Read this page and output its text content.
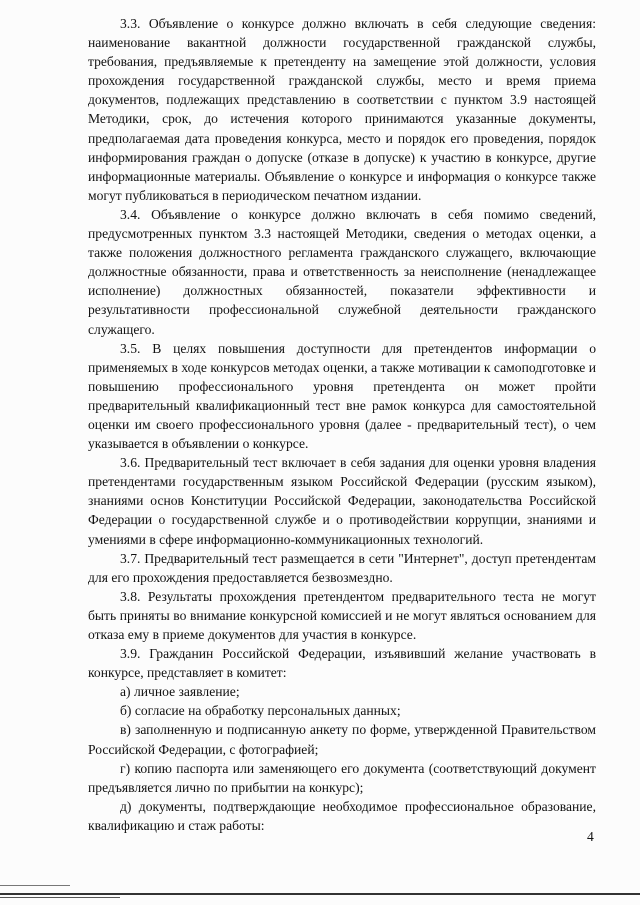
3.3. Объявление о конкурсе должно включать в себя следующие сведения: наименование вакантной должности государственной гражданской службы, требования, предъявляемые к претенденту на замещение этой должности, условия прохождения государственной гражданской службы, место и время приема документов, подлежащих представлению в соответствии с пунктом 3.9 настоящей Методики, срок, до истечения которого принимаются указанные документы, предполагаемая дата проведения конкурса, место и порядок его проведения, порядок информирования граждан о допуске (отказе в допуске) к участию в конкурсе, другие информационные материалы. Объявление о конкурсе и информация о конкурсе также могут публиковаться в периодическом печатном издании.

3.4. Объявление о конкурсе должно включать в себя помимо сведений, предусмотренных пунктом 3.3 настоящей Методики, сведения о методах оценки, а также положения должностного регламента гражданского служащего, включающие должностные обязанности, права и ответственность за неисполнение (ненадлежащее исполнение) должностных обязанностей, показатели эффективности и результативности профессиональной служебной деятельности гражданского служащего.

3.5. В целях повышения доступности для претендентов информации о применяемых в ходе конкурсов методах оценки, а также мотивации к самоподготовке и повышению профессионального уровня претендента он может пройти предварительный квалификационный тест вне рамок конкурса для самостоятельной оценки им своего профессионального уровня (далее - предварительный тест), о чем указывается в объявлении о конкурсе.

3.6. Предварительный тест включает в себя задания для оценки уровня владения претендентами государственным языком Российской Федерации (русским языком), знаниями основ Конституции Российской Федерации, законодательства Российской Федерации о государственной службе и о противодействии коррупции, знаниями и умениями в сфере информационно-коммуникационных технологий.

3.7. Предварительный тест размещается в сети "Интернет", доступ претендентам для его прохождения предоставляется безвозмездно.

3.8. Результаты прохождения претендентом предварительного теста не могут быть приняты во внимание конкурсной комиссией и не могут являться основанием для отказа ему в приеме документов для участия в конкурсе.

3.9. Гражданин Российской Федерации, изъявивший желание участвовать в конкурсе, представляет в комитет:

а) личное заявление;

б) согласие на обработку персональных данных;

в) заполненную и подписанную анкету по форме, утвержденной Правительством Российской Федерации, с фотографией;

г) копию паспорта или заменяющего его документа (соответствующий документ предъявляется лично по прибытии на конкурс);

д) документы, подтверждающие необходимое профессиональное образование, квалификацию и стаж работы:

4
